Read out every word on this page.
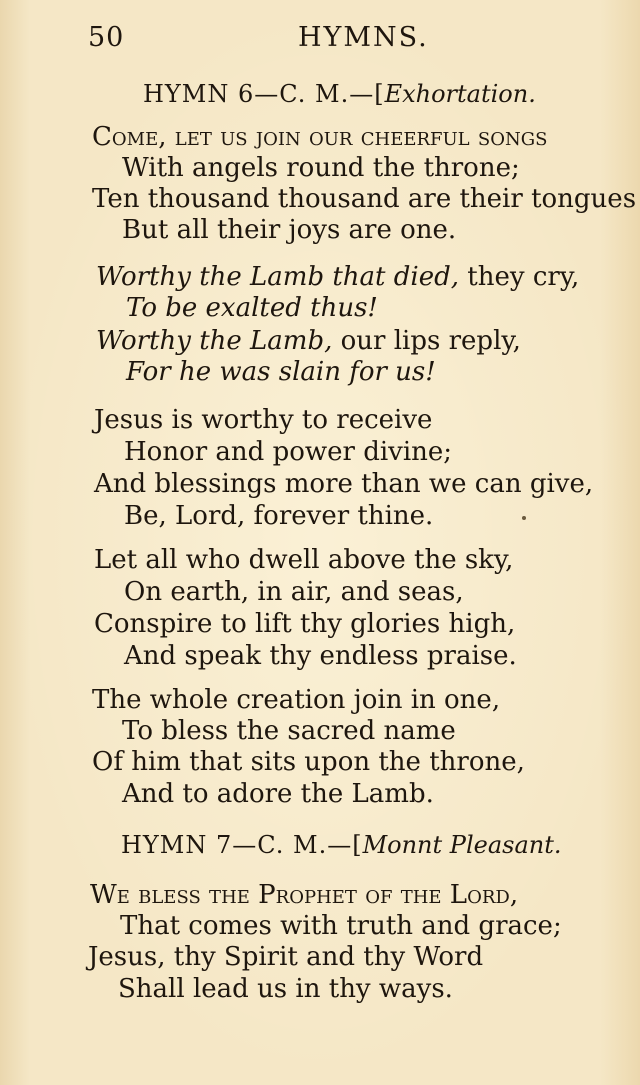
50	HYMNS.
HYMN 6—C. M.—[Exhortation.
Come, let us join our cheerful songs
With angels round the throne;
Ten thousand thousand are their tongues
But all their joys are one.
Worthy the Lamb that died, they cry,
To be exalted thus!
Worthy the Lamb, our lips reply,
For he was slain for us!
Jesus is worthy to receive
Honor and power divine;
And blessings more than we can give,
Be, Lord, forever thine.
Let all who dwell above the sky,
On earth, in air, and seas,
Conspire to lift thy glories high,
And speak thy endless praise.
The whole creation join in one,
To bless the sacred name
Of him that sits upon the throne,
And to adore the Lamb.
HYMN 7—C. M.—[Monnt Pleasant.
We bless the Prophet of the Lord,
That comes with truth and grace;
Jesus, thy Spirit and thy Word
Shall lead us in thy ways.
